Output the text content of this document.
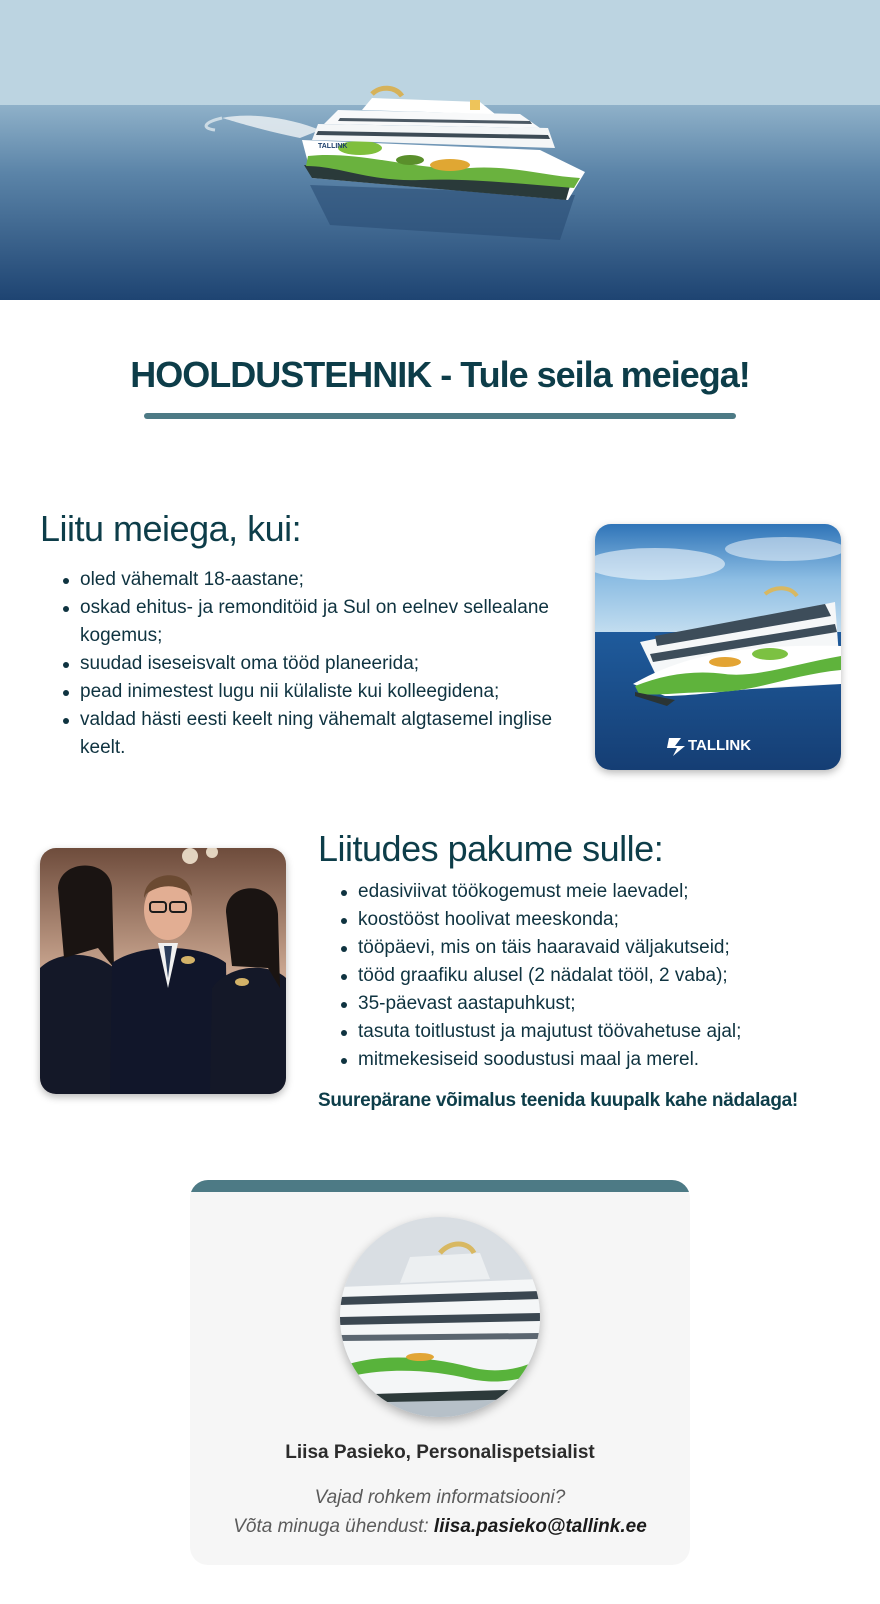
TALLINK
HOOLDUSTEHNIK - Tule seila meiega!
Liitu meiega, kui:
oled vähemalt 18-aastane;
oskad ehitus- ja remonditöid ja Sul on eelnev sellealane kogemus;
suudad iseseisvalt oma tööd planeerida;
pead inimestest lugu nii külaliste kui kolleegidena;
valdad hästi eesti keelt ning vähemalt algtasemel inglise keelt.	TALLINK
Liitudes pakume sulle:
edasiviivat töökogemust meie laevadel;
koostööst hoolivat meeskonda;
tööpäevi, mis on täis haaravaid väljakutseid;
tööd graafiku alusel (2 nädalat tööl, 2 vaba);
35-päevast aastapuhkust;
tasuta toitlustust ja majutust töövahetuse ajal;
mitmekesiseid soodustusi maal ja merel.
Suurepärane võimalus teenida kuupalk kahe nädalaga!
Liisa Pasieko, Personalispetsialist
Vajad rohkem informatsiooni?
Võta minuga ühendust: liisa.pasieko@tallink.ee
